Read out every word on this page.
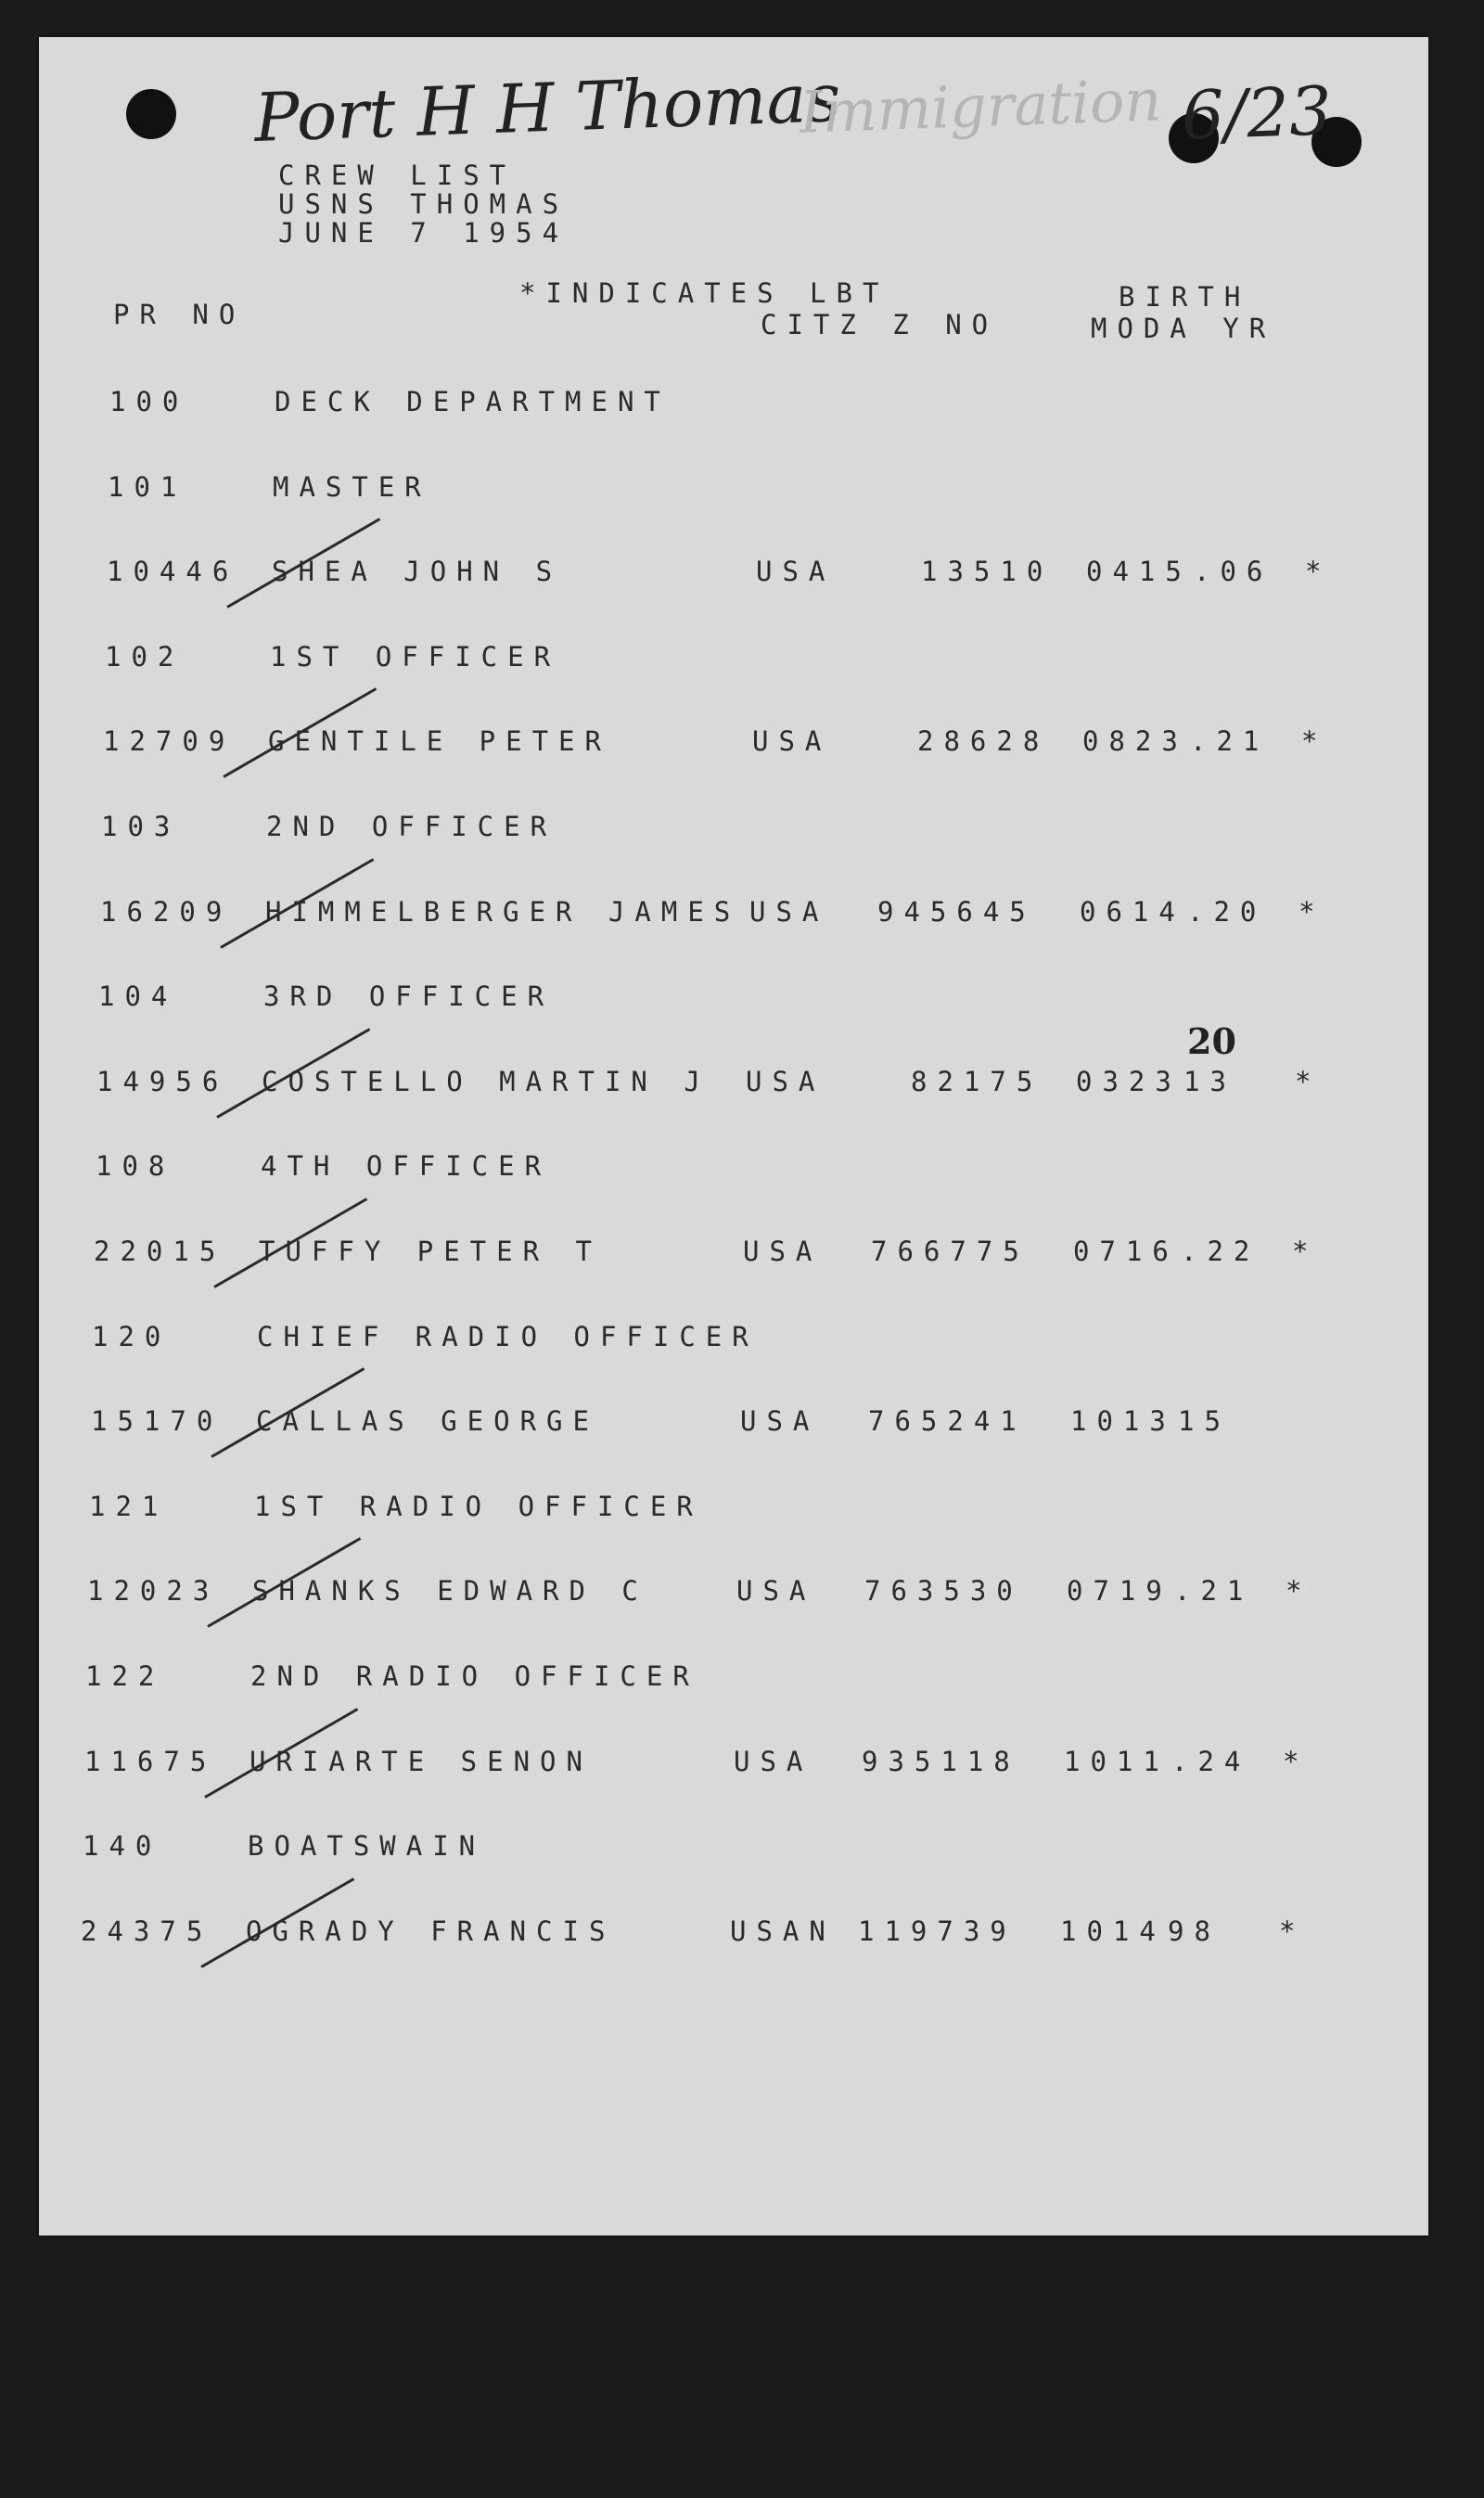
Port H H Thomas
Immigration 6/23
20
CREW LIST
USNS THOMAS
JUNE 7 1954
PR NO
*INDICATES LBT
CITZ Z NO
BIRTH
MODA YR
100	DECK DEPARTMENT
101	MASTER
10446 SHEA JOHN S	USA	13510 0415 .06 *
102	1ST OFFICER
12709 GENTILE PETER	USA	28628 0823 .21 *
103	2ND OFFICER
16209 HIMMELBERGER JAMES USA 945645 0614 .20 *
104	3RD OFFICER
14956 COSTELLO MARTIN J USA	82175 0323 13 *
108	4TH OFFICER
22015 TUFFY PETER T	USA 766775 0716 .22 *
120	CHIEF RADIO OFFICER
15170 CALLAS GEORGE	USA 765241 1013 15
121	1ST RADIO OFFICER
12023 SHANKS EDWARD C	USA 763530 0719 .21 *
122	2ND RADIO OFFICER
11675 URIARTE SENON	USA 935118 1011 .24 *
140	BOATSWAIN
24375 OGRADY FRANCIS	USAN 119739 1014 98 *
